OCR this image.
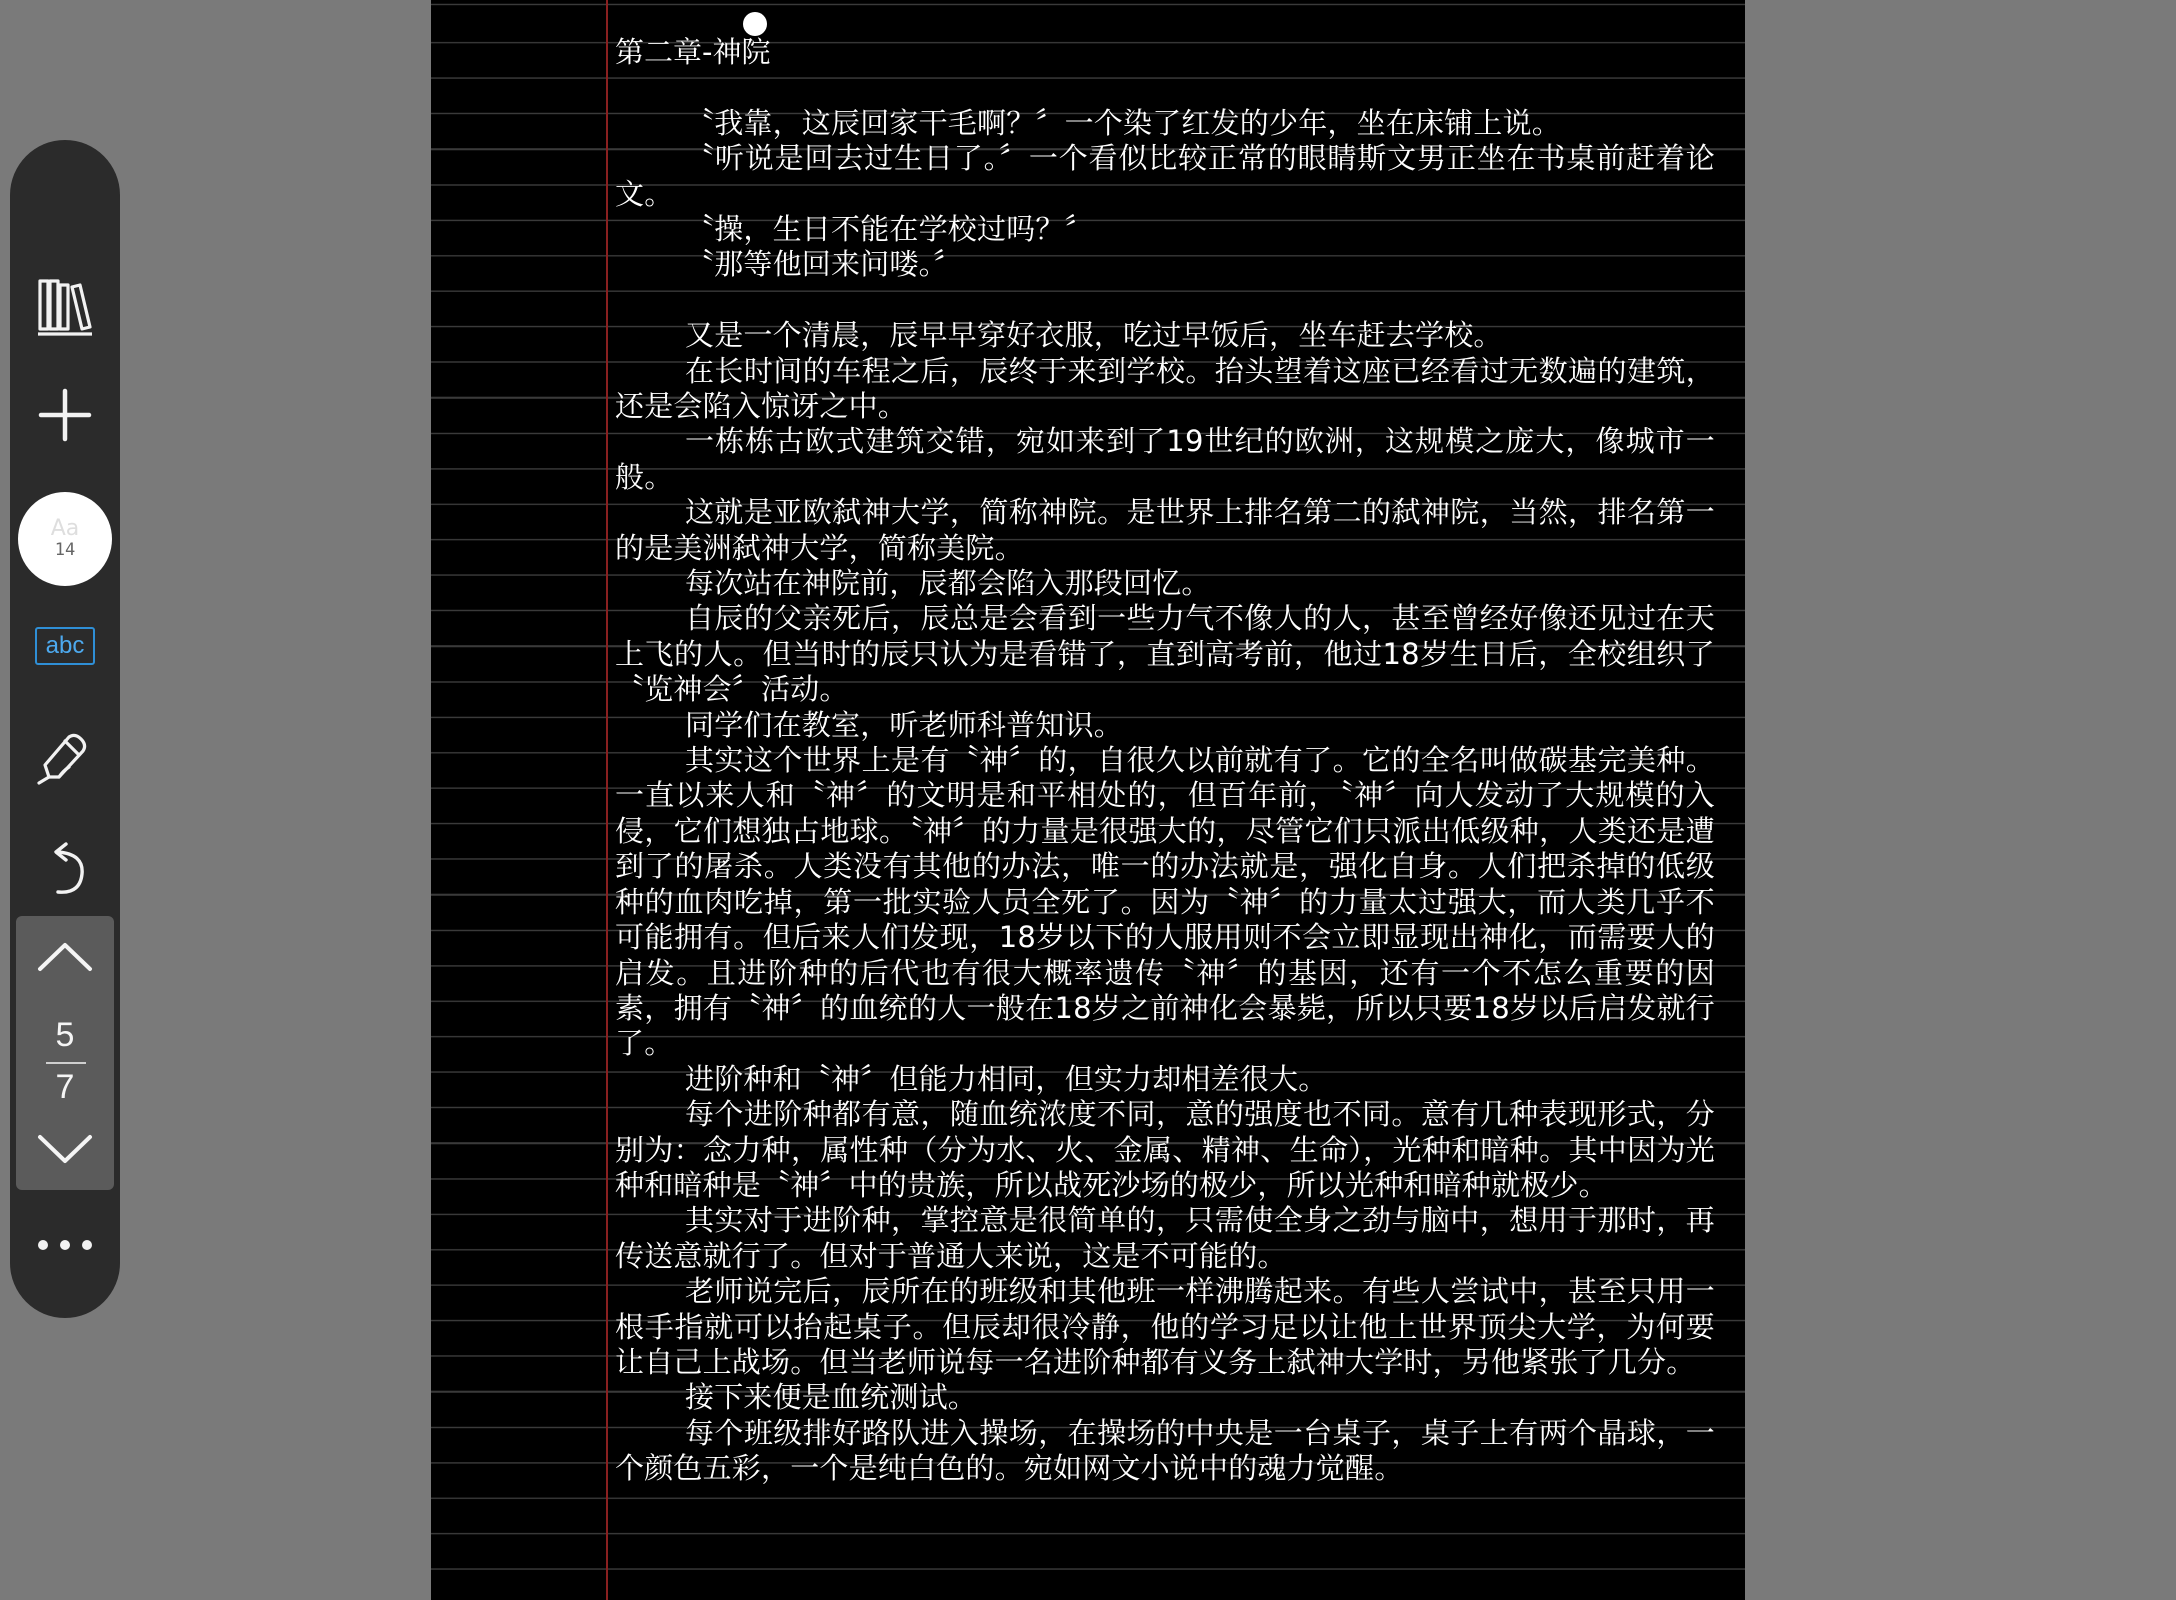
Aa
14
abc
5
7
第二章-神院

〝我靠，这辰回家干毛啊？〞一个染了红发的少年，坐在床铺上说。

〝听说是回去过生日了。〞一个看似比较正常的眼睛斯文男正坐在书桌前赶着论文。

〝操，生日不能在学校过吗？〞

〝那等他回来问喽。〞

又是一个清晨，辰早早穿好衣服，吃过早饭后，坐车赶去学校。

在长时间的车程之后，辰终于来到学校。抬头望着这座已经看过无数遍的建筑，还是会陷入惊讶之中。

一栋栋古欧式建筑交错，宛如来到了19世纪的欧洲，这规模之庞大，像城市一般。

这就是亚欧弑神大学，简称神院。是世界上排名第二的弑神院，当然，排名第一的是美洲弑神大学，简称美院。

每次站在神院前，辰都会陷入那段回忆。

自辰的父亲死后，辰总是会看到一些力气不像人的人，甚至曾经好像还见过在天上飞的人。但当时的辰只认为是看错了，直到高考前，他过18岁生日后，全校组织了〝览神会〞活动。

同学们在教室，听老师科普知识。

其实这个世界上是有〝神〞的，自很久以前就有了。它的全名叫做碳基完美种。一直以来人和〝神〞的文明是和平相处的，但百年前，〝神〞向人发动了大规模的入侵，它们想独占地球。〝神〞的力量是很强大的，尽管它们只派出低级种，人类还是遭到了的屠杀。人类没有其他的办法，唯一的办法就是，强化自身。人们把杀掉的低级种的血肉吃掉，第一批实验人员全死了。因为〝神〞的力量太过强大，而人类几乎不可能拥有。但后来人们发现，18岁以下的人服用则不会立即显现出神化，而需要人的启发。且进阶种的后代也有很大概率遗传〝神〞的基因，还有一个不怎么重要的因素，拥有〝神〞的血统的人一般在18岁之前神化会暴毙，所以只要18岁以后启发就行了。

进阶种和〝神〞但能力相同，但实力却相差很大。

每个进阶种都有意，随血统浓度不同，意的强度也不同。意有几种表现形式，分别为：念力种，属性种（分为水、火、金属、精神、生命），光种和暗种。其中因为光种和暗种是〝神〞中的贵族，所以战死沙场的极少，所以光种和暗种就极少。

其实对于进阶种，掌控意是很简单的，只需使全身之劲与脑中，想用于那时，再传送意就行了。但对于普通人来说，这是不可能的。

老师说完后，辰所在的班级和其他班一样沸腾起来。有些人尝试中，甚至只用一根手指就可以抬起桌子。但辰却很冷静，他的学习足以让他上世界顶尖大学，为何要让自己上战场。但当老师说每一名进阶种都有义务上弑神大学时，另他紧张了几分。

接下来便是血统测试。

每个班级排好路队进入操场，在操场的中央是一台桌子，桌子上有两个晶球，一个颜色五彩，一个是纯白色的。宛如网文小说中的魂力觉醒。
